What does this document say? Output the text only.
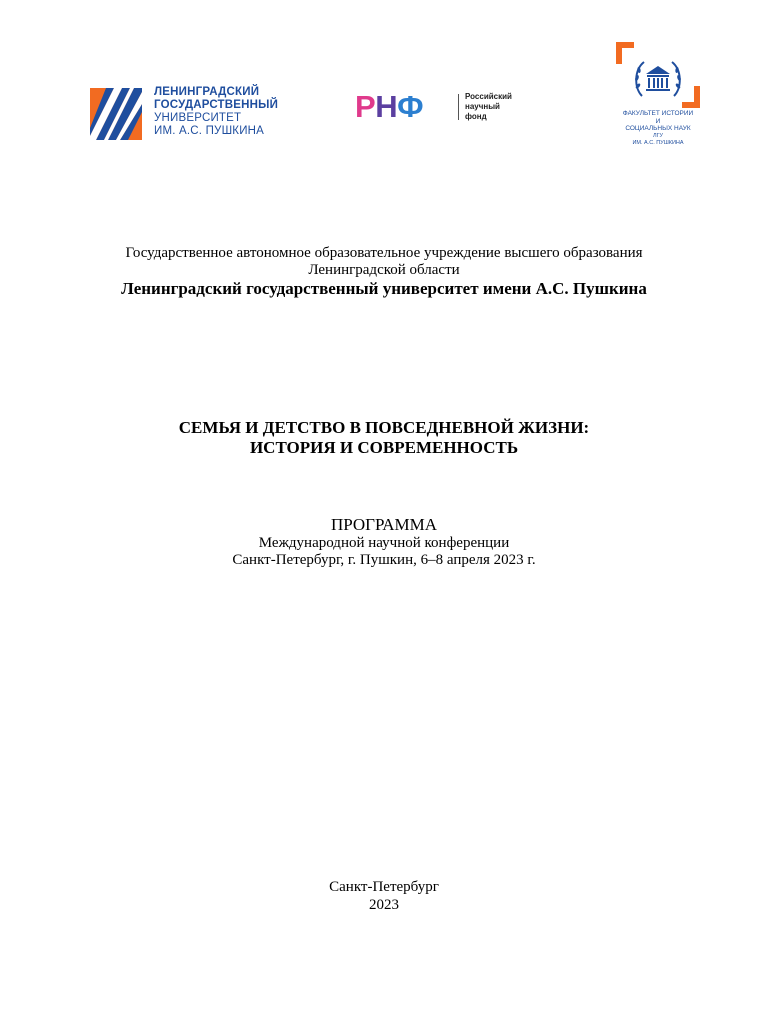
ЛЕНИНГРАДСКИЙ
ГОСУДАРСТВЕННЫЙ
УНИВЕРСИТЕТ
ИМ. А.С. ПУШКИНА
РНФ	Российский
научный
фонд	ФАКУЛЬТЕТ ИСТОРИИ
И
СОЦИАЛЬНЫХ НАУК
ЛГУ
ИМ. А.С. ПУШКИНА
Государственное автономное образовательное учреждение высшего образования
Ленинградской области
Ленинградский государственный университет имени А.С. Пушкина
СЕМЬЯ И ДЕТСТВО В ПОВСЕДНЕВНОЙ ЖИЗНИ:
ИСТОРИЯ И СОВРЕМЕННОСТЬ
ПРОГРАММА
Международной научной конференции
Санкт-Петербург, г. Пушкин, 6–8 апреля 2023 г.
Санкт-Петербург
2023
